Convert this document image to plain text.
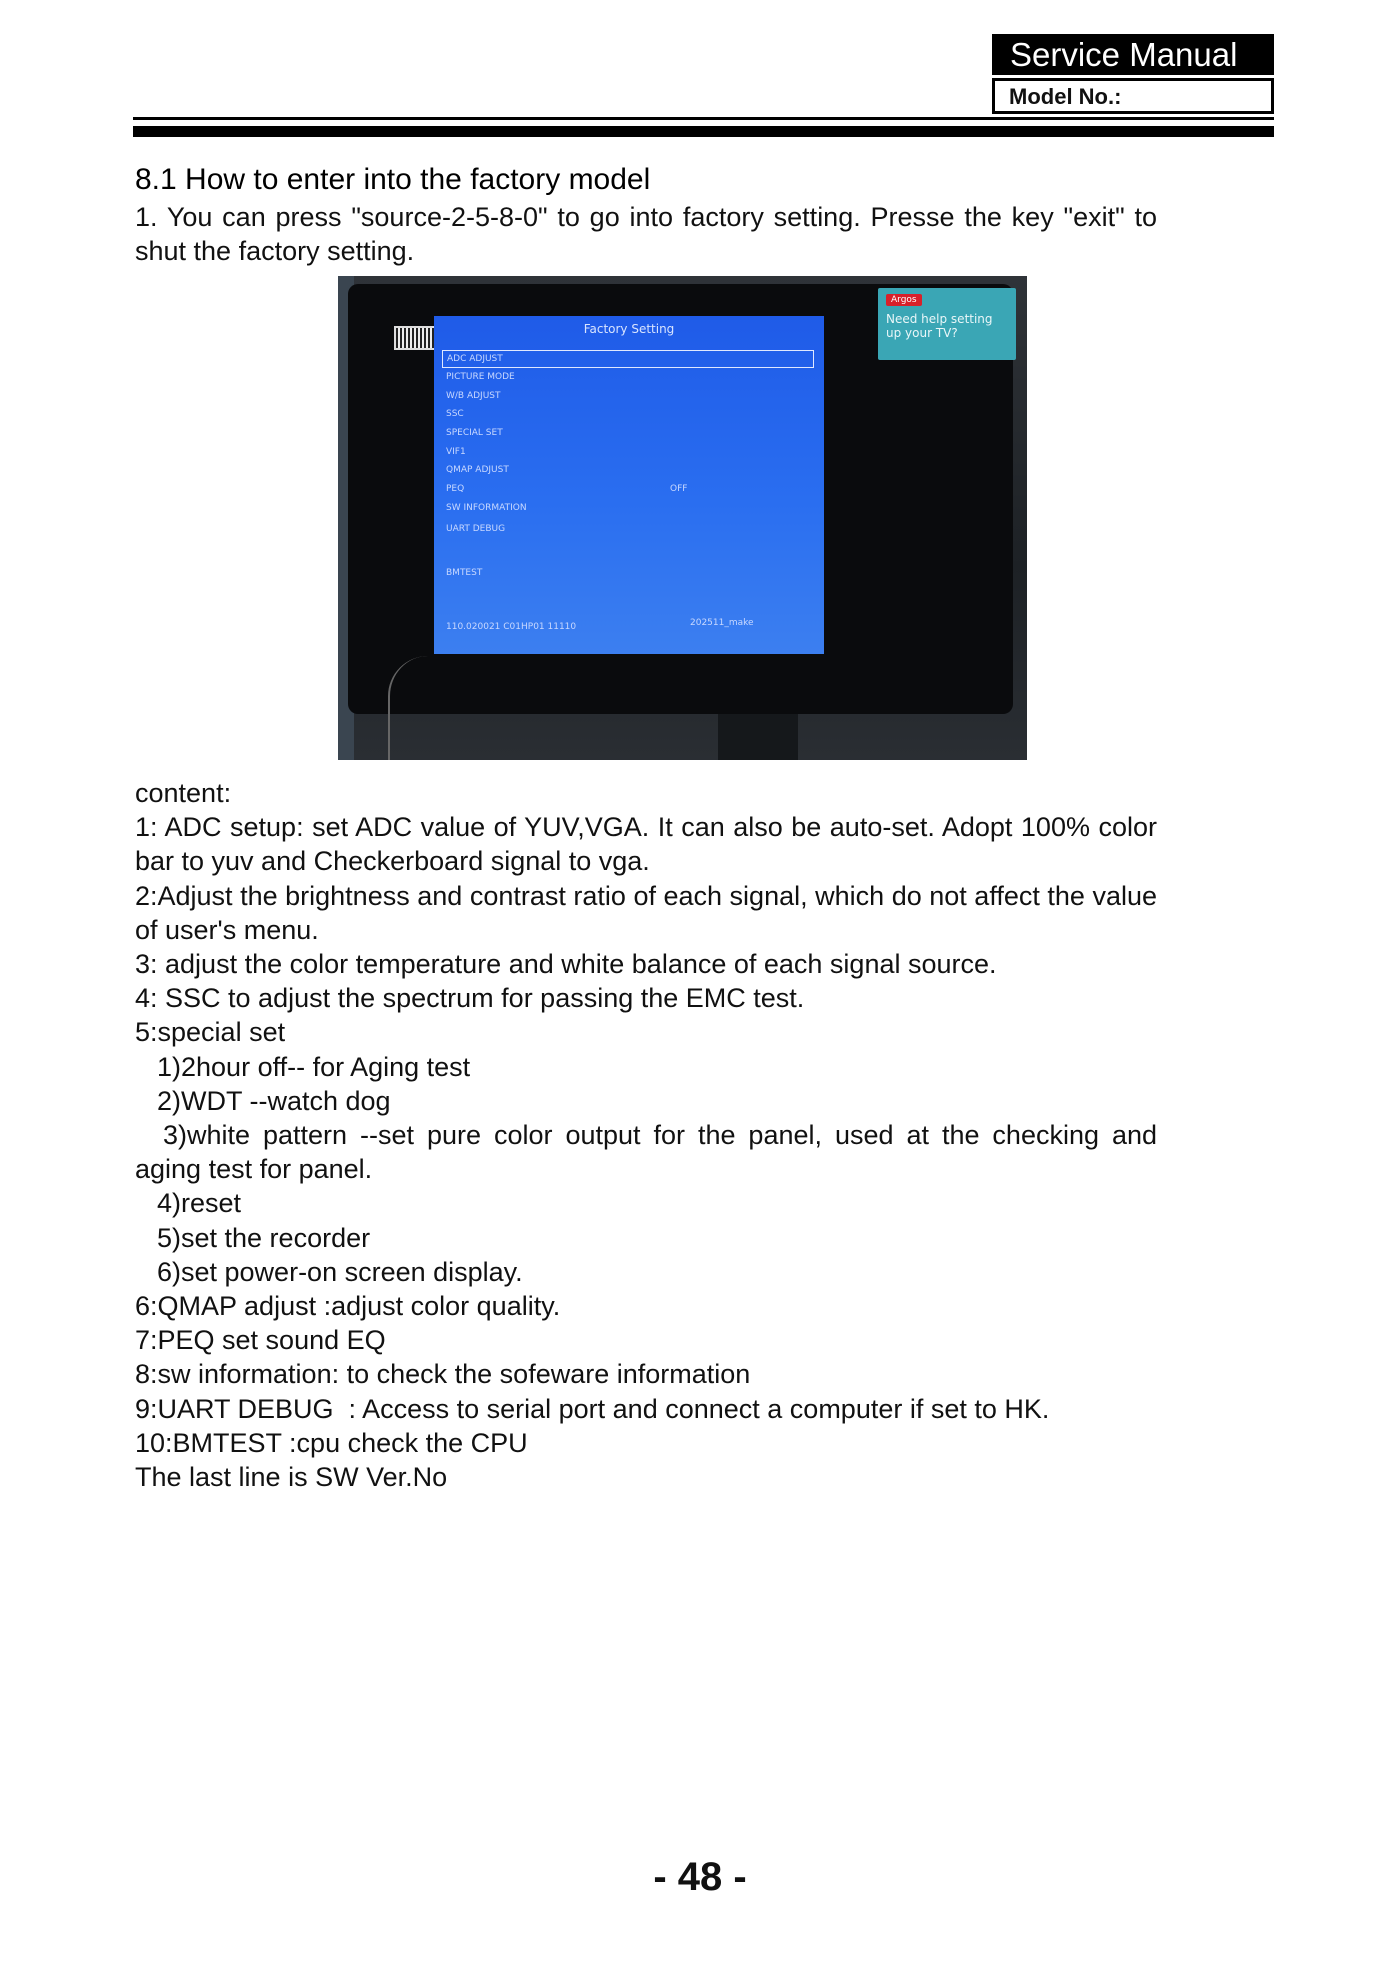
Service Manual
Model No.:
8.1 How to enter into the factory model

1. You can press "source-2-5-8-0" to go into factory setting. Presse the key "exit" to shut the factory setting.

Factory Setting
ADC ADJUST
PICTURE MODE
W/B ADJUST
SSC
SPECIAL SET
VIF1
QMAP ADJUST
PEQ
SW INFORMATION
OFF
UART DEBUG
BMTEST
110.020021 C01HP01 11110	202511_make
Argos
Need help setting up your TV?

content:

1: ADC setup: set ADC value of YUV,VGA. It can also be auto-set. Adopt 100% color bar to yuv and Checkerboard signal to vga.

2:Adjust the brightness and contrast ratio of each signal, which do not affect the value of user's menu.

3: adjust the color temperature and white balance of each signal source.

4: SSC to adjust the spectrum for passing the EMC test.

5:special set

1)2hour off-- for Aging test

2)WDT --watch dog

3)white pattern --set pure color output for the panel, used at the checking and aging test for panel.

4)reset

5)set the recorder

6)set power-on screen display.

6:QMAP adjust :adjust color quality.

7:PEQ set sound EQ

8:sw information: to check the sofeware information

9:UART DEBUG  : Access to serial port and connect a computer if set to HK.

10:BMTEST :cpu check the CPU

The last line is SW Ver.No

- 48 -
